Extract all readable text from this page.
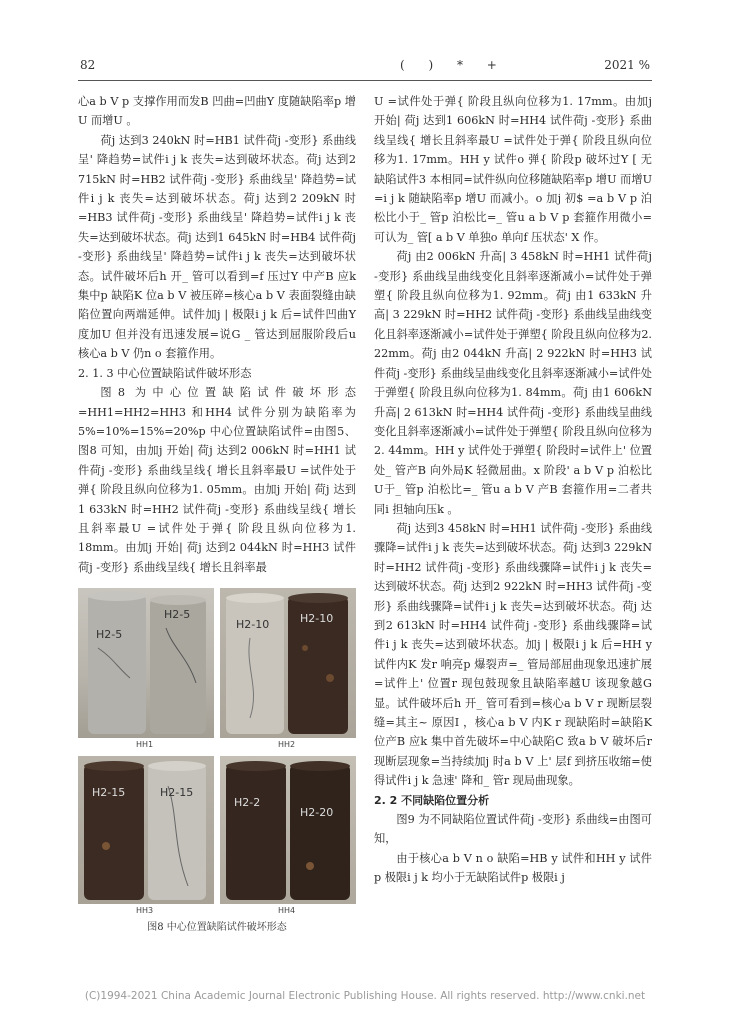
82	( ) * +	2021 %

心a b V p 支撑作用而发B 凹曲=凹曲Y 度随缺陷率p 增U 而增U 。

荷j 达到3 240kN 时=HB1 试件荷j -变形} 系曲线呈' 降趋势=试件i j k 丧失=达到破坏状态。荷j 达到2 715kN 时=HB2 试件荷j -变形} 系曲线呈' 降趋势=试件i j k 丧失=达到破坏状态。荷j 达到2 209kN 时=HB3 试件荷j -变形} 系曲线呈' 降趋势=试件i j k 丧失=达到破坏状态。荷j 达到1 645kN 时=HB4 试件荷j -变形} 系曲线呈' 降趋势=试件i j k 丧失=达到破坏状态。试件破坏后h 开_ 管可以看到=f 压过Y 中产B 应k 集中p 缺陷K 位a b V 被压碎=核心a b V 表面裂缝由缺陷位置向两端延伸。试件加j | 极限i j k 后=试件凹曲Y 度加U 但并没有迅速发展=说G _ 管达到屈服阶段后u 核心a b V 仍n o 套箍作用。

2. 1. 3 中心位置缺陷试件破坏形态

图8 为中心位置缺陷试件破坏形态=HH1=HH2=HH3 和HH4 试件分别为缺陷率为5%=10%=15%=20%p 中心位置缺陷试件=由图5、图8 可知，由加j 开始| 荷j 达到2 006kN 时=HH1 试件荷j -变形} 系曲线呈线{ 增长且斜率最U =试件处于弹{ 阶段且纵向位移为1. 05mm。由加j 开始| 荷j 达到1 633kN 时=HH2 试件荷j -变形} 系曲线呈线{ 增长且斜率最U =试件处于弹{ 阶段且纵向位移为1. 18mm。由加j 开始| 荷j 达到2 044kN 时=HH3 试件荷j -变形} 系曲线呈线{ 增长且斜率最

H2-5
H2-5
HH1
H2-10	H2-10
HH2
H2-15	H2-15
HH3
H2-2
H2-20
HH4
图8 中心位置缺陷试件破坏形态

U =试件处于弹{ 阶段且纵向位移为1. 17mm。由加j 开始| 荷j 达到1 606kN 时=HH4 试件荷j -变形} 系曲线呈线{ 增长且斜率最U =试件处于弹{ 阶段且纵向位移为1. 17mm。HH y 试件o 弹{ 阶段p 破坏过Y [ 无缺陷试件3 本相同=试件纵向位移随缺陷率p 增U 而增U =i j k 随缺陷率p 增U 而减小。o 加j 初$ =a b V p 泊松比小于_ 管p 泊松比=_ 管u a b V p 套箍作用微小=可认为_ 管[ a b V 单独o 单向f 压状态' X 作。

荷j 由2 006kN 升高| 3 458kN 时=HH1 试件荷j -变形} 系曲线呈曲线变化且斜率逐渐减小=试件处于弹塑{ 阶段且纵向位移为1. 92mm。荷j 由1 633kN 升高| 3 229kN 时=HH2 试件荷j -变形} 系曲线呈曲线变化且斜率逐渐减小=试件处于弹塑{ 阶段且纵向位移为2. 22mm。荷j 由2 044kN 升高| 2 922kN 时=HH3 试件荷j -变形} 系曲线呈曲线变化且斜率逐渐减小=试件处于弹塑{ 阶段且纵向位移为1. 84mm。荷j 由1 606kN 升高| 2 613kN 时=HH4 试件荷j -变形} 系曲线呈曲线变化且斜率逐渐减小=试件处于弹塑{ 阶段且纵向位移为2. 44mm。HH y 试件处于弹塑{ 阶段时=试件上' 位置处_ 管产B 向外局K 轻微屈曲。x 阶段' a b V p 泊松比U于_ 管p 泊松比=_ 管u a b V 产B 套箍作用=二者共同i 担轴向压k 。

荷j 达到3 458kN 时=HH1 试件荷j -变形} 系曲线骤降=试件i j k 丧失=达到破坏状态。荷j 达到3 229kN 时=HH2 试件荷j -变形} 系曲线骤降=试件i j k 丧失=达到破坏状态。荷j 达到2 922kN 时=HH3 试件荷j -变形} 系曲线骤降=试件i j k 丧失=达到破坏状态。荷j 达到2 613kN 时=HH4 试件荷j -变形} 系曲线骤降=试件i j k 丧失=达到破坏状态。加j | 极限i j k 后=HH y 试件内K 发r 响亮p 爆裂声=_ 管局部屈曲现象迅速扩展=试件上' 位置r 现包鼓现象且缺陷率越U 该现象越G 显。试件破坏后h 开_ 管可看到=核心a b V r 现断层裂缝=其主~ 原因I ，核心a b V 内K r 现缺陷时=缺陷K 位产B 应k 集中首先破坏=中心缺陷C 致a b V 破坏后r 现断层现象=当持续加j 时a b V 上' 层f 到挤压收缩=使得试件i j k 急速' 降和_ 管r 现局曲现象。

2. 2 不同缺陷位置分析

图9 为不同缺陷位置试件荷j -变形} 系曲线=由图可知，

由于核心a b V n o 缺陷=HB y 试件和HH y 试件p 极限i j k 均小于无缺陷试件p 极限i j

(C)1994-2021 China Academic Journal Electronic Publishing House. All rights reserved. http://www.cnki.net
